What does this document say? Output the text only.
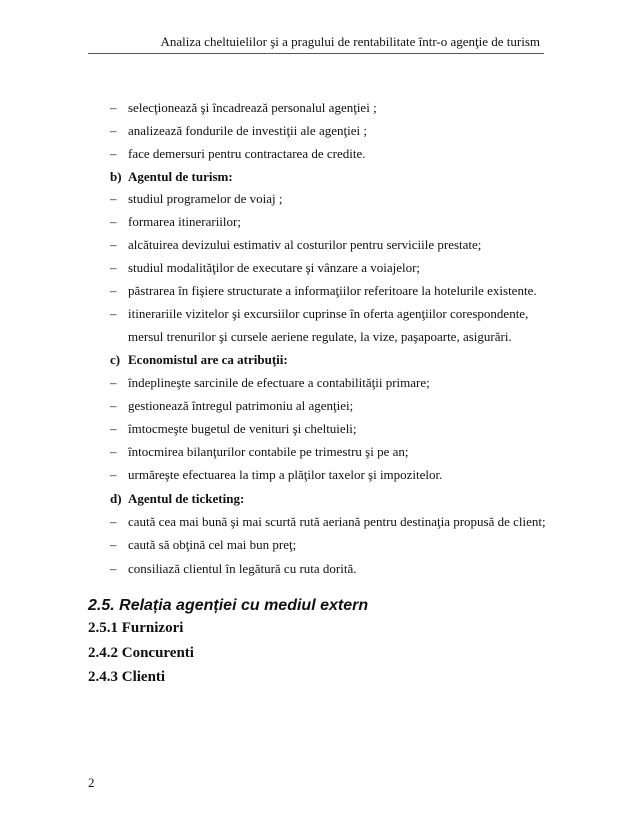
Analiza cheltuielilor şi a pragului de rentabilitate într-o agenţie de turism
– selecţionează şi încadrează personalul agenţiei ;
– analizează fondurile de investiţii ale agenţiei ;
– face demersuri pentru contractarea de credite.
b) Agentul de turism:
– studiul programelor de voiaj ;
– formarea itinerariilor;
– alcătuirea devizului estimativ al costurilor pentru serviciile prestate;
– studiul modalităţilor de executare şi vânzare a voiajelor;
– păstrarea în fişiere structurate a informaţiilor referitoare la hotelurile existente.
– itinerariile vizitelor şi excursiilor cuprinse în oferta agenţiilor corespondente,
mersul trenurilor şi cursele aeriene regulate, la vize, paşapoarte, asigurări.
c) Economistul are ca atribuţii:
– îndeplineşte sarcinile de efectuare a contabilităţii primare;
– gestionează întregul patrimoniu al agenţiei;
– îmtocmeşte bugetul de venituri şi cheltuieli;
– întocmirea bilanţurilor contabile pe trimestru şi pe an;
– urmăreşte efectuarea la timp a plăţilor taxelor şi impozitelor.
d) Agentul de ticketing:
– caută cea mai bună şi mai scurtă rută aeriană pentru destinaţia propusă de client;
– caută să obţină cel mai bun preţ;
– consiliază clientul în legătură cu ruta dorită.
2.5. Relația agenției cu mediul extern
2.5.1 Furnizori
2.4.2 Concurenti
2.4.3 Clienti
2
